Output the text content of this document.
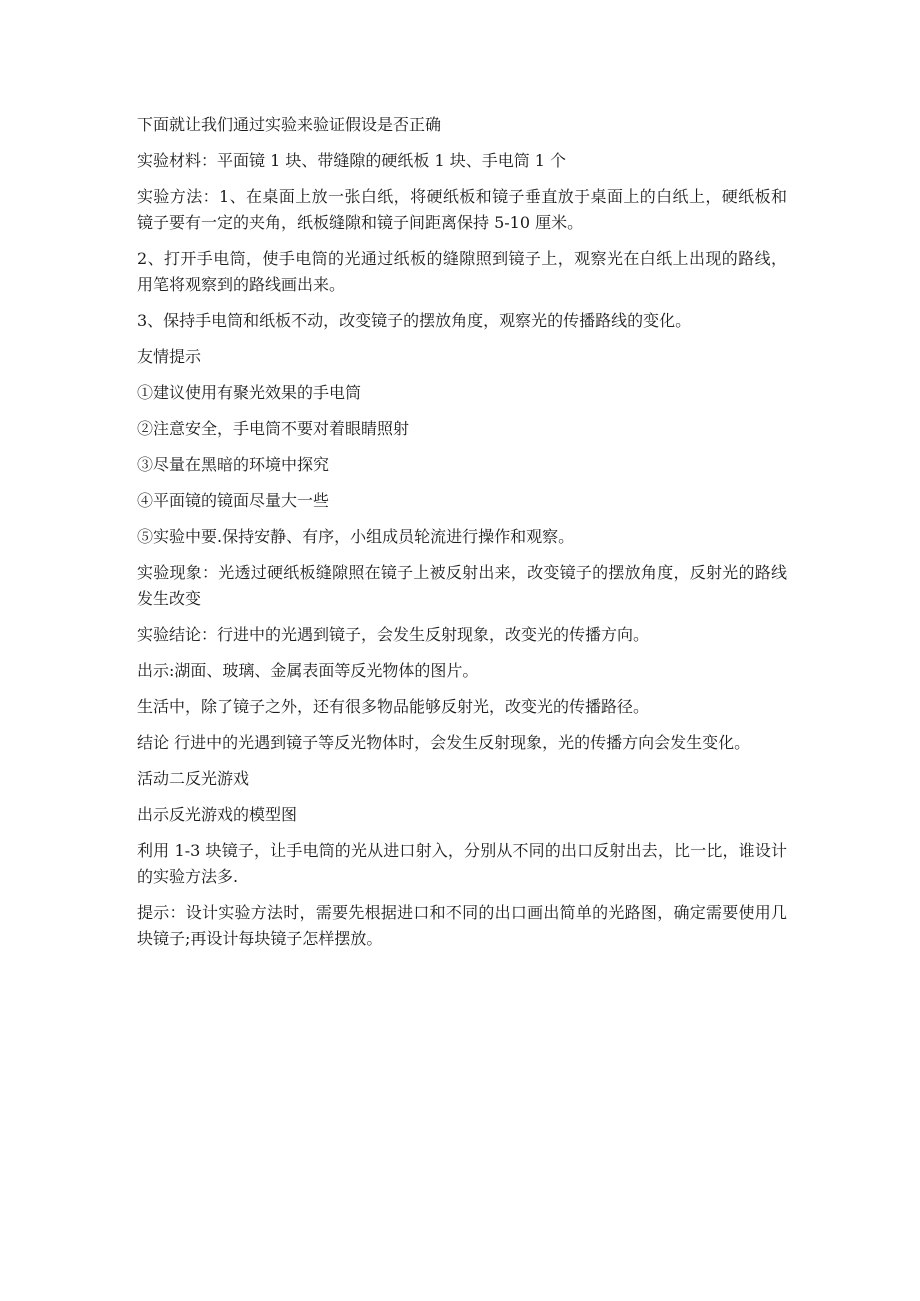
下面就让我们通过实验来验证假设是否正确

实验材料：平面镜 1 块、带缝隙的硬纸板 1 块、手电筒 1 个

实验方法：1、在桌面上放一张白纸，将硬纸板和镜子垂直放于桌面上的白纸上，硬纸板和镜子要有一定的夹角，纸板缝隙和镜子间距离保持 5-10 厘米。

2、打开手电筒，使手电筒的光通过纸板的缝隙照到镜子上，观察光在白纸上出现的路线，用笔将观察到的路线画出来。

3、保持手电筒和纸板不动，改变镜子的摆放角度，观察光的传播路线的变化。

友情提示

①建议使用有聚光效果的手电筒

②注意安全，手电筒不要对着眼睛照射

③尽量在黑暗的环境中探究

④平面镜的镜面尽量大一些

⑤实验中要.保持安静、有序，小组成员轮流进行操作和观察。

实验现象：光透过硬纸板缝隙照在镜子上被反射出来，改变镜子的摆放角度，反射光的路线发生改变

实验结论：行进中的光遇到镜子，会发生反射现象，改变光的传播方向。

出示:湖面、玻璃、金属表面等反光物体的图片。

生活中，除了镜子之外，还有很多物品能够反射光，改变光的传播路径。

结论 行进中的光遇到镜子等反光物体时，会发生反射现象，光的传播方向会发生变化。

活动二反光游戏

出示反光游戏的模型图

利用 1-3 块镜子，让手电筒的光从进口射入，分别从不同的出口反射出去，比一比，谁设计的实验方法多.

提示：设计实验方法时，需要先根据进口和不同的出口画出简单的光路图，确定需要使用几块镜子;再设计每块镜子怎样摆放。
